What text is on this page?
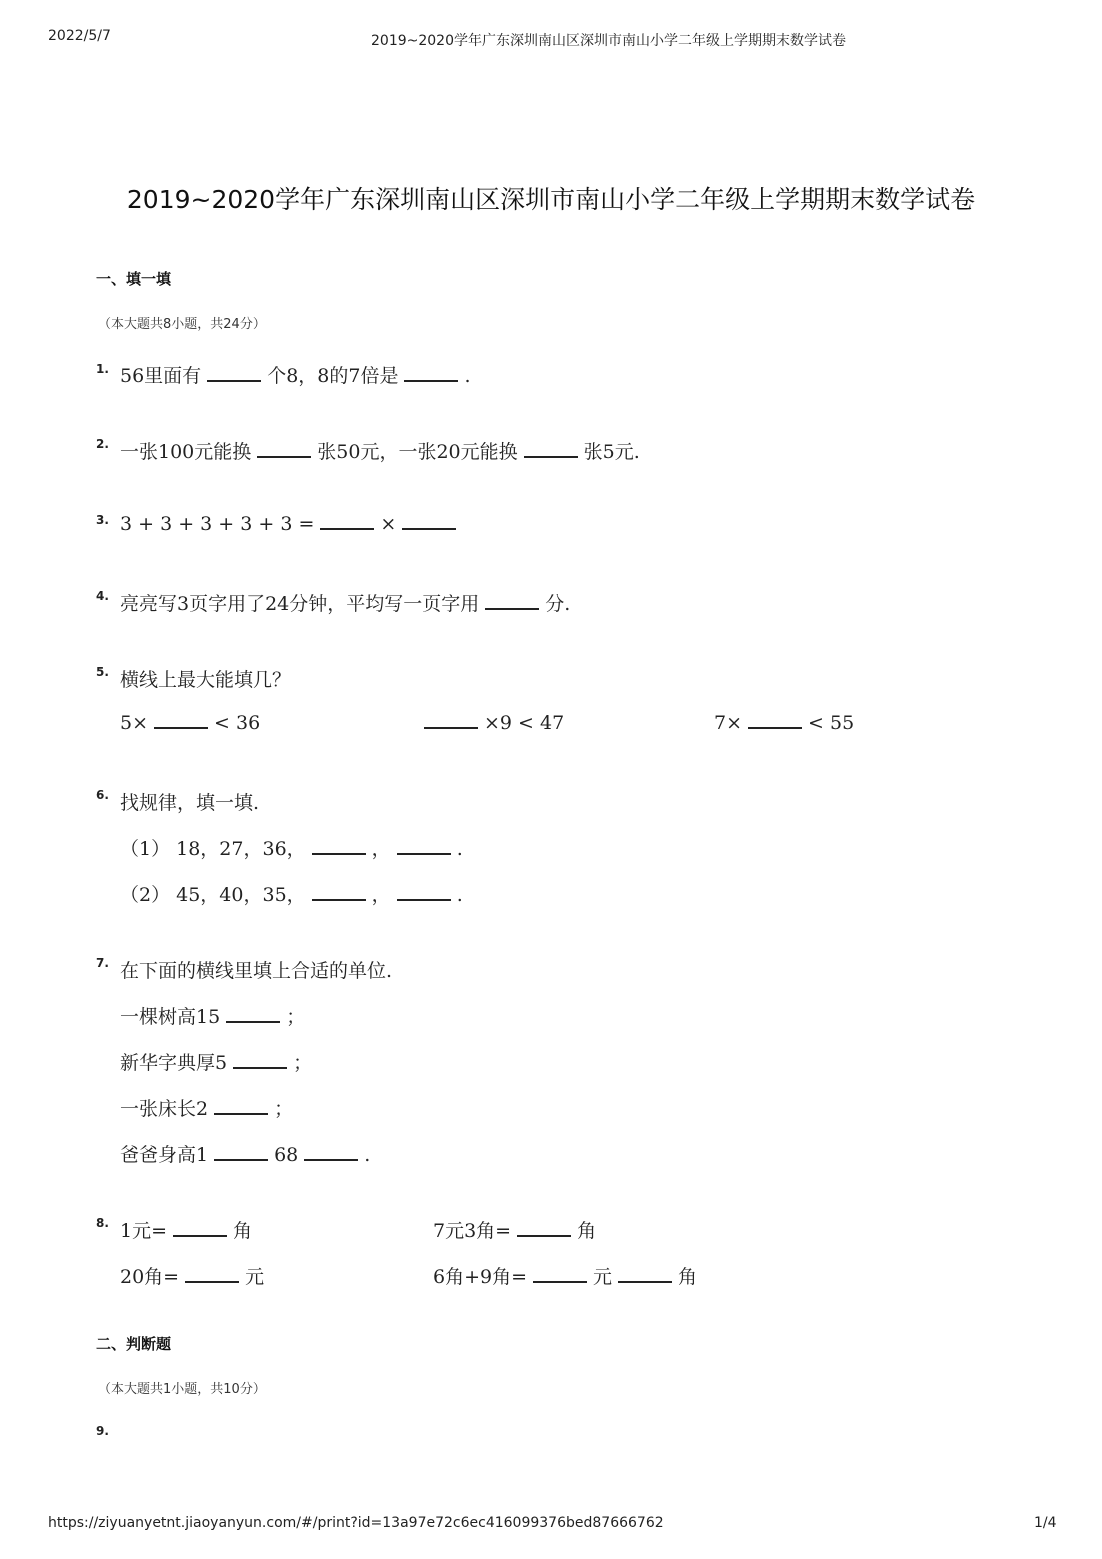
2022/5/7	2019~2020学年广东深圳南山区深圳市南山小学二年级上学期期末数学试卷
2019~2020学年广东深圳南山区深圳市南山小学二年级上学期期末数学试卷
一、填一填
（本大题共8小题，共24分）
1. 56里面有	个8，8的7倍是	.
2. 一张100元能换	张50元，一张20元能换	张5元.
3. 3 + 3 + 3 + 3 + 3 =	×
4. 亮亮写3页字用了24分钟，平均写一页字用	分.
5. 横线上最大能填几？
5×	< 36	×9 < 47	7×	< 55
6. 找规律，填一填.
（1） 18，27，36，	，	.
（2） 45，40，35，	，	.
7. 在下面的横线里填上合适的单位.
一棵树高15	；
新华字典厚5	；
一张床长2	；
爸爸身高1	68	.
8. 1元=	角	7元3角=	角
20角=	元	6角+9角=	元	角
二、判断题
（本大题共1小题，共10分）
9.
https://ziyuanyetnt.jiaoyanyun.com/#/print?id=13a97e72c6ec416099376bed87666762	1/4
